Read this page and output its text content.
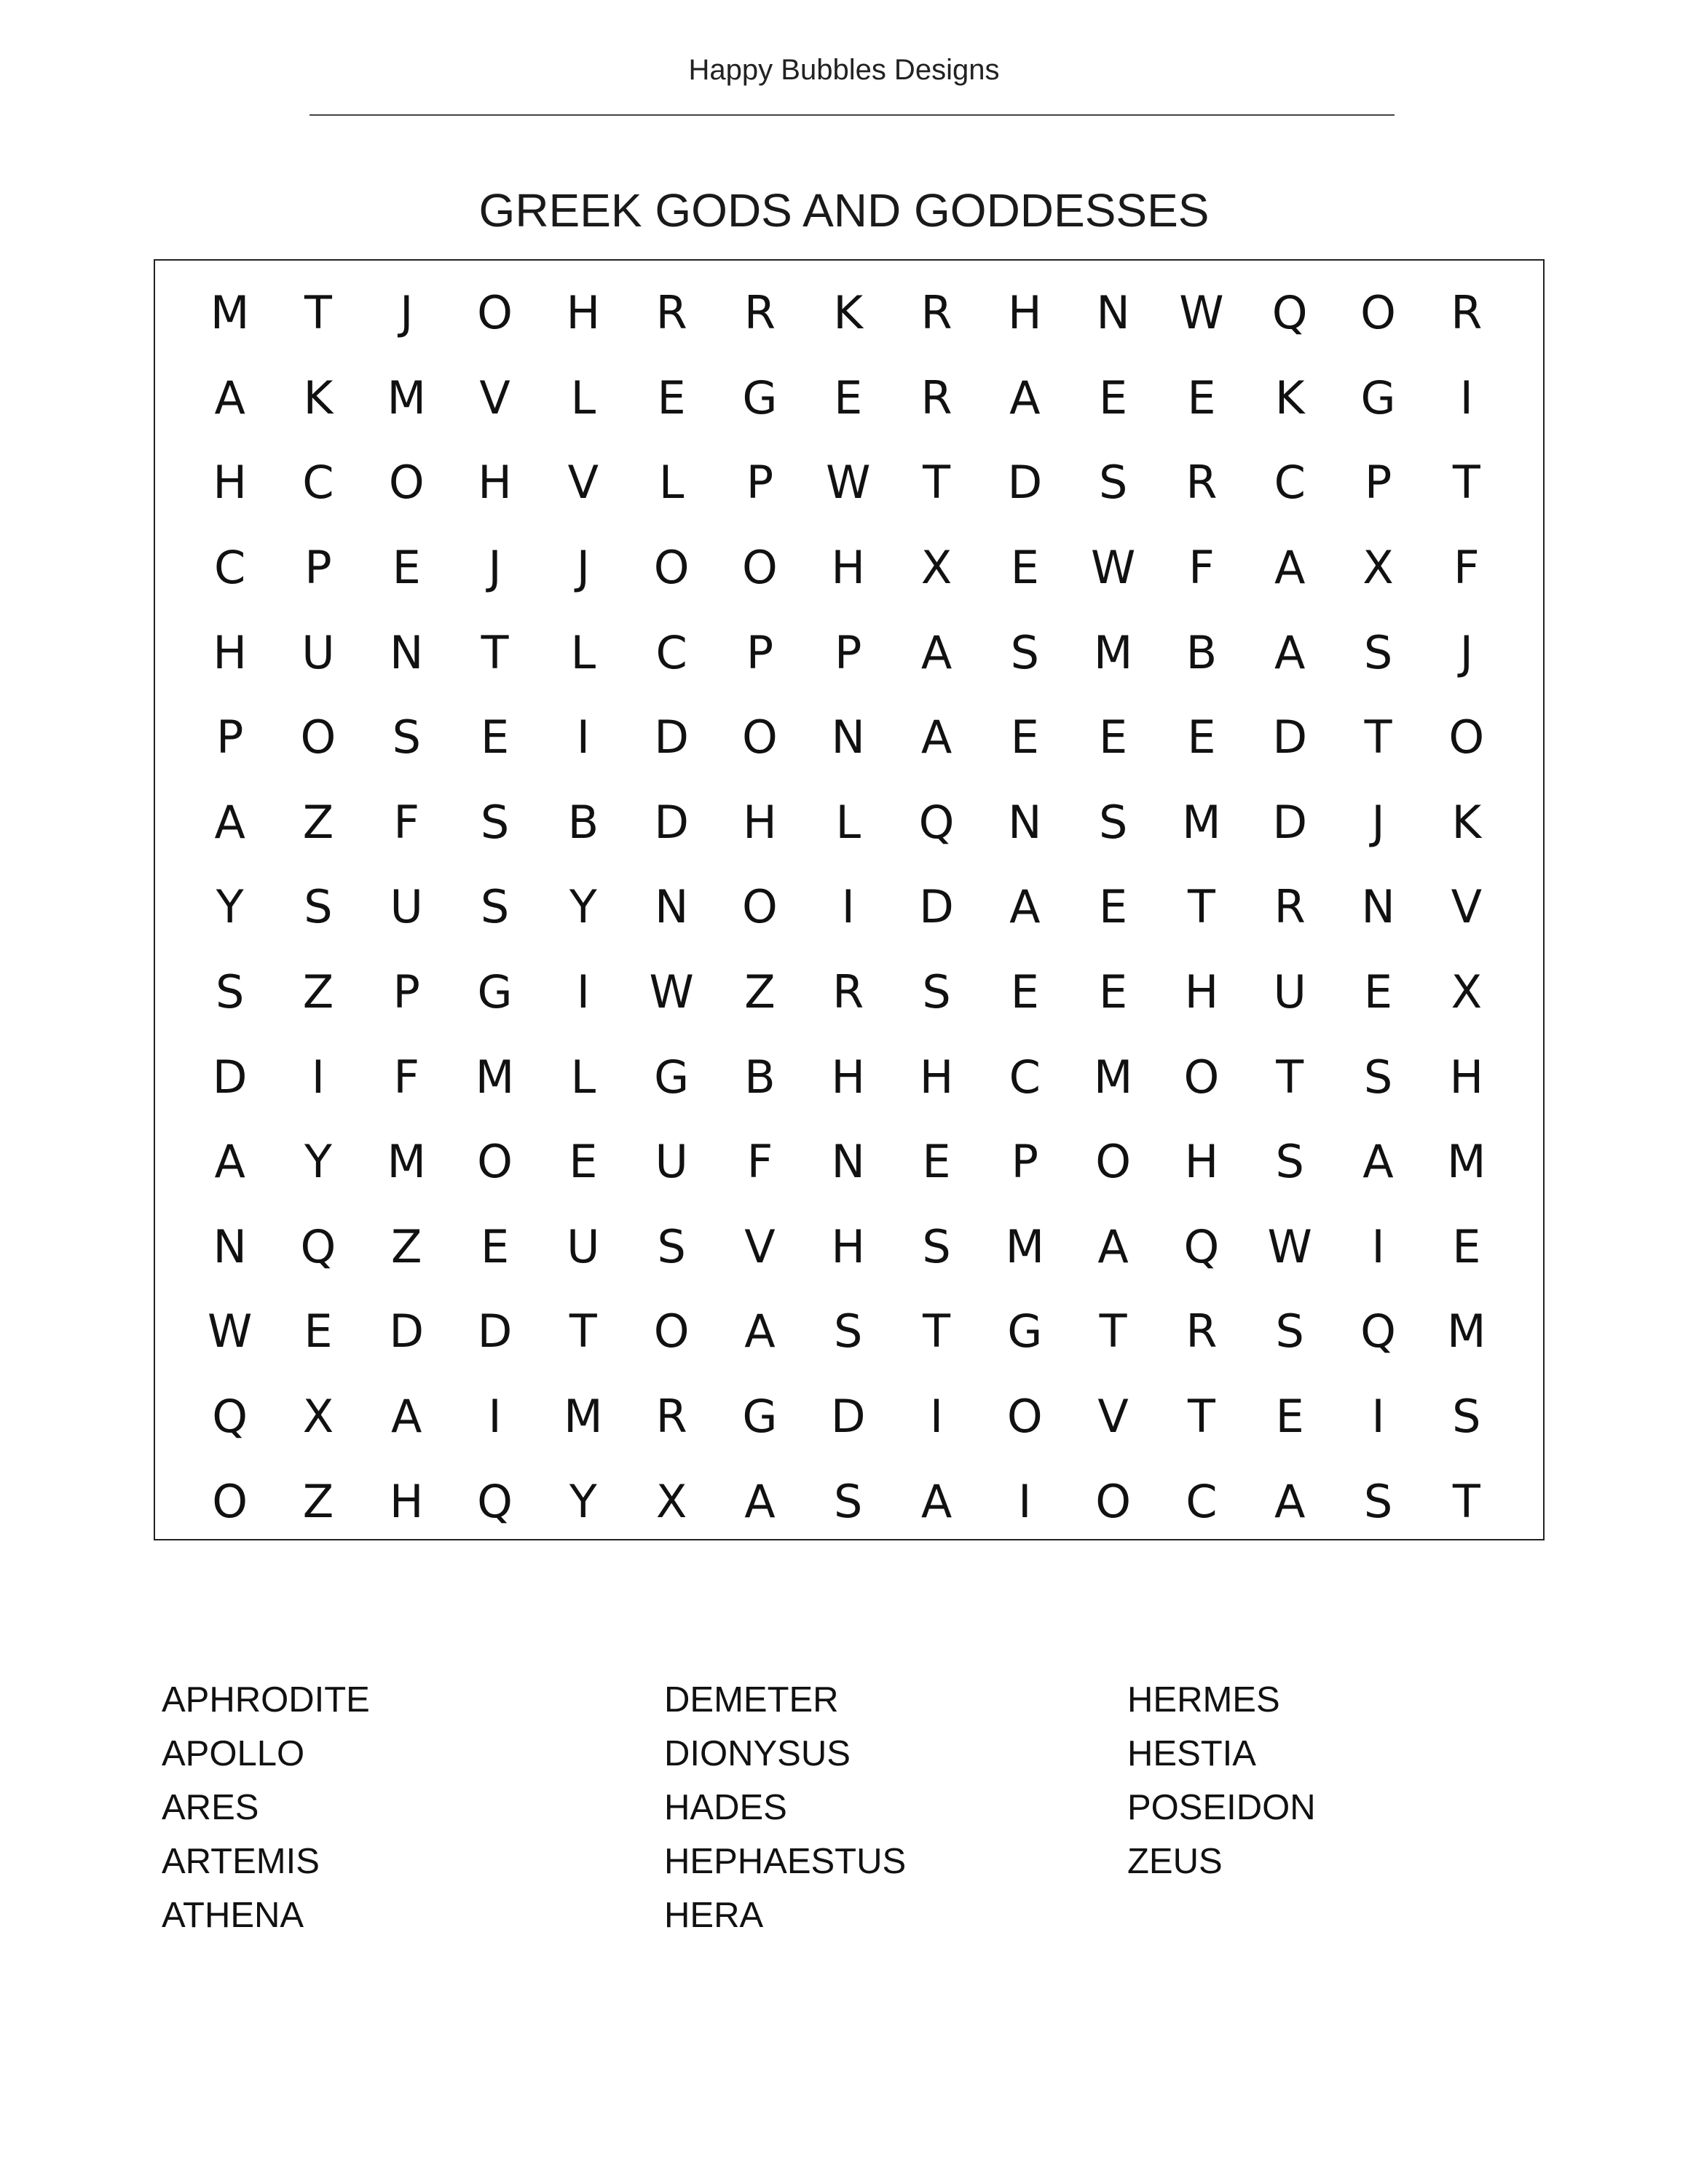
Happy Bubbles Designs
GREEK GODS AND GODDESSES
M	T	J	O	H	R	R	K	R	H	N	W	Q	O	R
A	K	M	V	L	E	G	E	R	A	E	E	K	G	I
H	C	O	H	V	L	P	W	T	D	S	R	C	P	T
C	P	E	J	J	O	O	H	X	E	W	F	A	X	F
H	U	N	T	L	C	P	P	A	S	M	B	A	S	J
P	O	S	E	I	D	O	N	A	E	E	E	D	T	O
A	Z	F	S	B	D	H	L	Q	N	S	M	D	J	K
Y	S	U	S	Y	N	O	I	D	A	E	T	R	N	V
S	Z	P	G	I	W	Z	R	S	E	E	H	U	E	X
D	I	F	M	L	G	B	H	H	C	M	O	T	S	H
A	Y	M	O	E	U	F	N	E	P	O	H	S	A	M
N	Q	Z	E	U	S	V	H	S	M	A	Q	W	I	E
W	E	D	D	T	O	A	S	T	G	T	R	S	Q	M
Q	X	A	I	M	R	G	D	I	O	V	T	E	I	S
O	Z	H	Q	Y	X	A	S	A	I	O	C	A	S	T
APHRODITE
APOLLO
ARES
ARTEMIS
ATHENA
DEMETER
DIONYSUS
HADES
HEPHAESTUS
HERA
HERMES
HESTIA
POSEIDON
ZEUS
